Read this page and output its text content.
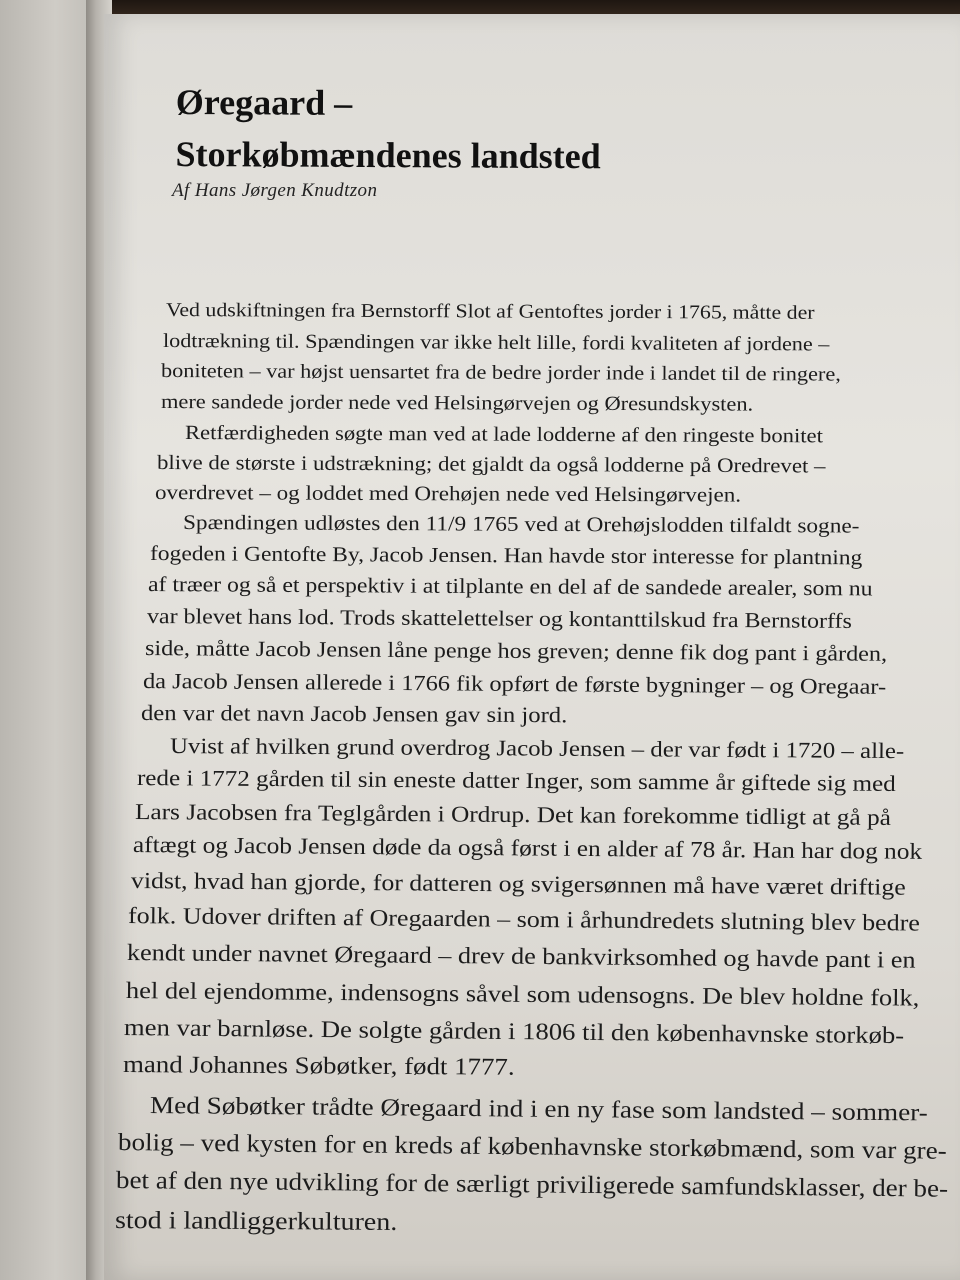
Øregaard –
Storkøbmændenes landsted
Af Hans Jørgen Knudtzon

Ved udskiftningen fra Bernstorff Slot af Gentoftes jorder i 1765, måtte der

lodtrækning til. Spændingen var ikke helt lille, fordi kvaliteten af jordene –

boniteten – var højst uensartet fra de bedre jorder inde i landet til de ringere,

mere sandede jorder nede ved Helsingørvejen og Øresundskysten.

Retfærdigheden søgte man ved at lade lodderne af den ringeste bonitet

blive de største i udstrækning; det gjaldt da også lodderne på Oredrevet –

overdrevet – og loddet med Orehøjen nede ved Helsingørvejen.

Spændingen udløstes den 11/9 1765 ved at Orehøjslodden tilfaldt sogne-

fogeden i Gentofte By, Jacob Jensen. Han havde stor interesse for plantning

af træer og så et perspektiv i at tilplante en del af de sandede arealer, som nu

var blevet hans lod. Trods skattelettelser og kontanttilskud fra Bernstorffs

side, måtte Jacob Jensen låne penge hos greven; denne fik dog pant i gården,

da Jacob Jensen allerede i 1766 fik opført de første bygninger – og Oregaar-

den var det navn Jacob Jensen gav sin jord.

Uvist af hvilken grund overdrog Jacob Jensen – der var født i 1720 – alle-

rede i 1772 gården til sin eneste datter Inger, som samme år giftede sig med

Lars Jacobsen fra Teglgården i Ordrup. Det kan forekomme tidligt at gå på

aftægt og Jacob Jensen døde da også først i en alder af 78 år. Han har dog nok

vidst, hvad han gjorde, for datteren og svigersønnen må have været driftige

folk. Udover driften af Oregaarden – som i århundredets slutning blev bedre

kendt under navnet Øregaard – drev de bankvirksomhed og havde pant i en

hel del ejendomme, indensogns såvel som udensogns. De blev holdne folk,

men var barnløse. De solgte gården i 1806 til den københavnske storkøb-

mand Johannes Søbøtker, født 1777.

Med Søbøtker trådte Øregaard ind i en ny fase som landsted – sommer-

bolig – ved kysten for en kreds af københavnske storkøbmænd, som var gre-

bet af den nye udvikling for de særligt priviligerede samfundsklasser, der be-

stod i landliggerkulturen.
